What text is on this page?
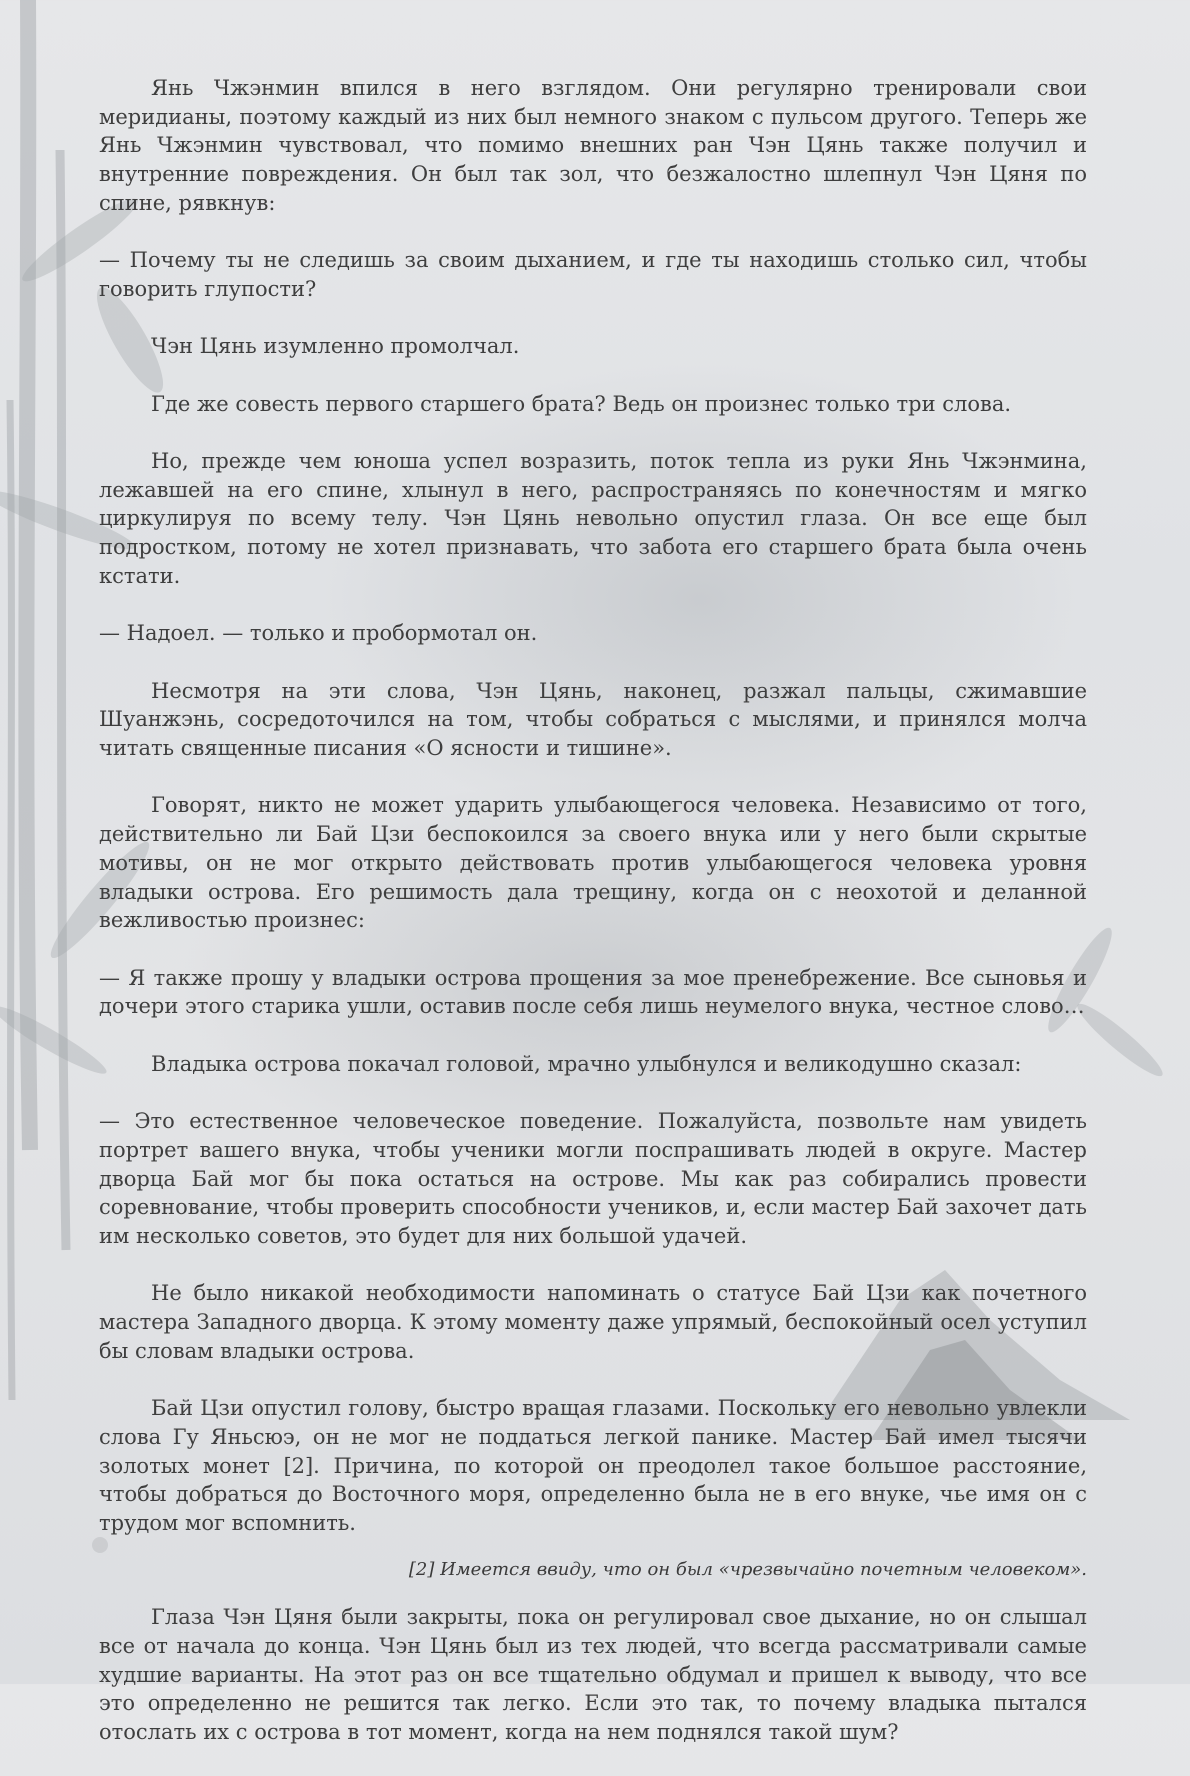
Янь Чжэнмин впился в него взглядом. Они регулярно тренировали свои меридианы, поэтому каждый из них был немного знаком с пульсом другого. Теперь же Янь Чжэнмин чувствовал, что помимо внешних ран Чэн Цянь также получил и внутренние повреждения. Он был так зол, что безжалостно шлепнул Чэн Цяня по спине, рявкнув:

— Почему ты не следишь за своим дыханием, и где ты находишь столько сил, чтобы говорить глупости?

Чэн Цянь изумленно промолчал.

Где же совесть первого старшего брата? Ведь он произнес только три слова.

Но, прежде чем юноша успел возразить, поток тепла из руки Янь Чжэнмина, лежавшей на его спине, хлынул в него, распространяясь по конечностям и мягко циркулируя по всему телу. Чэн Цянь невольно опустил глаза. Он все еще был подростком, потому не хотел признавать, что забота его старшего брата была очень кстати.

— Надоел. — только и пробормотал он.

Несмотря на эти слова, Чэн Цянь, наконец, разжал пальцы, сжимавшие Шуанжэнь, сосредоточился на том, чтобы собраться с мыслями, и принялся молча читать священные писания «О ясности и тишине».

Говорят, никто не может ударить улыбающегося человека. Независимо от того, действительно ли Бай Цзи беспокоился за своего внука или у него были скрытые мотивы, он не мог открыто действовать против улыбающегося человека уровня владыки острова. Его решимость дала трещину, когда он с неохотой и деланной вежливостью произнес:

— Я также прошу у владыки острова прощения за мое пренебрежение. Все сыновья и дочери этого старика ушли, оставив после себя лишь неумелого внука, честное слово…

Владыка острова покачал головой, мрачно улыбнулся и великодушно сказал:

— Это естественное человеческое поведение. Пожалуйста, позвольте нам увидеть портрет вашего внука, чтобы ученики могли поспрашивать людей в округе. Мастер дворца Бай мог бы пока остаться на острове. Мы как раз собирались провести соревнование, чтобы проверить способности учеников, и, если мастер Бай захочет дать им несколько советов, это будет для них большой удачей.

Не было никакой необходимости напоминать о статусе Бай Цзи как почетного мастера Западного дворца. К этому моменту даже упрямый, беспокойный осел уступил бы словам владыки острова.

Бай Цзи опустил голову, быстро вращая глазами. Поскольку его невольно увлекли слова Гу Яньсюэ, он не мог не поддаться легкой панике. Мастер Бай имел тысячи золотых монет [2]. Причина, по которой он преодолел такое большое расстояние, чтобы добраться до Восточного моря, определенно была не в его внуке, чье имя он с трудом мог вспомнить.

[2] Имеется ввиду, что он был «чрезвычайно почетным человеком».

Глаза Чэн Цяня были закрыты, пока он регулировал свое дыхание, но он слышал все от начала до конца. Чэн Цянь был из тех людей, что всегда рассматривали самые худшие варианты. На этот раз он все тщательно обдумал и пришел к выводу, что все это определенно не решится так легко. Если это так, то почему владыка пытался отослать их с острова в тот момент, когда на нем поднялся такой шум?
